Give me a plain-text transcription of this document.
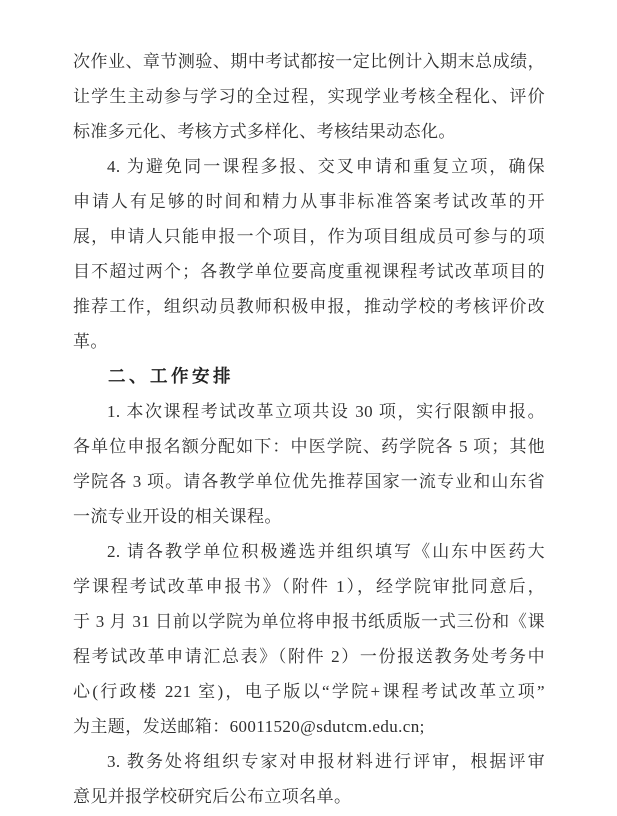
次作业、章节测验、期中考试都按一定比例计入期末总成绩，
让学生主动参与学习的全过程，实现学业考核全程化、评价
标准多元化、考核方式多样化、考核结果动态化。
4. 为避免同一课程多报、交叉申请和重复立项，确保
申请人有足够的时间和精力从事非标准答案考试改革的开
展，申请人只能申报一个项目，作为项目组成员可参与的项
目不超过两个；各教学单位要高度重视课程考试改革项目的
推荐工作，组织动员教师积极申报，推动学校的考核评价改
革。
二、工作安排
1. 本次课程考试改革立项共设 30 项，实行限额申报。
各单位申报名额分配如下：中医学院、药学院各 5 项；其他
学院各 3 项。请各教学单位优先推荐国家一流专业和山东省
一流专业开设的相关课程。
2. 请各教学单位积极遴选并组织填写《山东中医药大
学课程考试改革申报书》（附件 1），经学院审批同意后，
于 3 月 31 日前以学院为单位将申报书纸质版一式三份和《课
程考试改革申请汇总表》（附件 2）一份报送教务处考务中
心(行政楼 221 室)，电子版以“学院+课程考试改革立项”
为主题，发送邮箱：60011520@sdutcm.edu.cn;
3. 教务处将组织专家对申报材料进行评审，根据评审
意见并报学校研究后公布立项名单。
